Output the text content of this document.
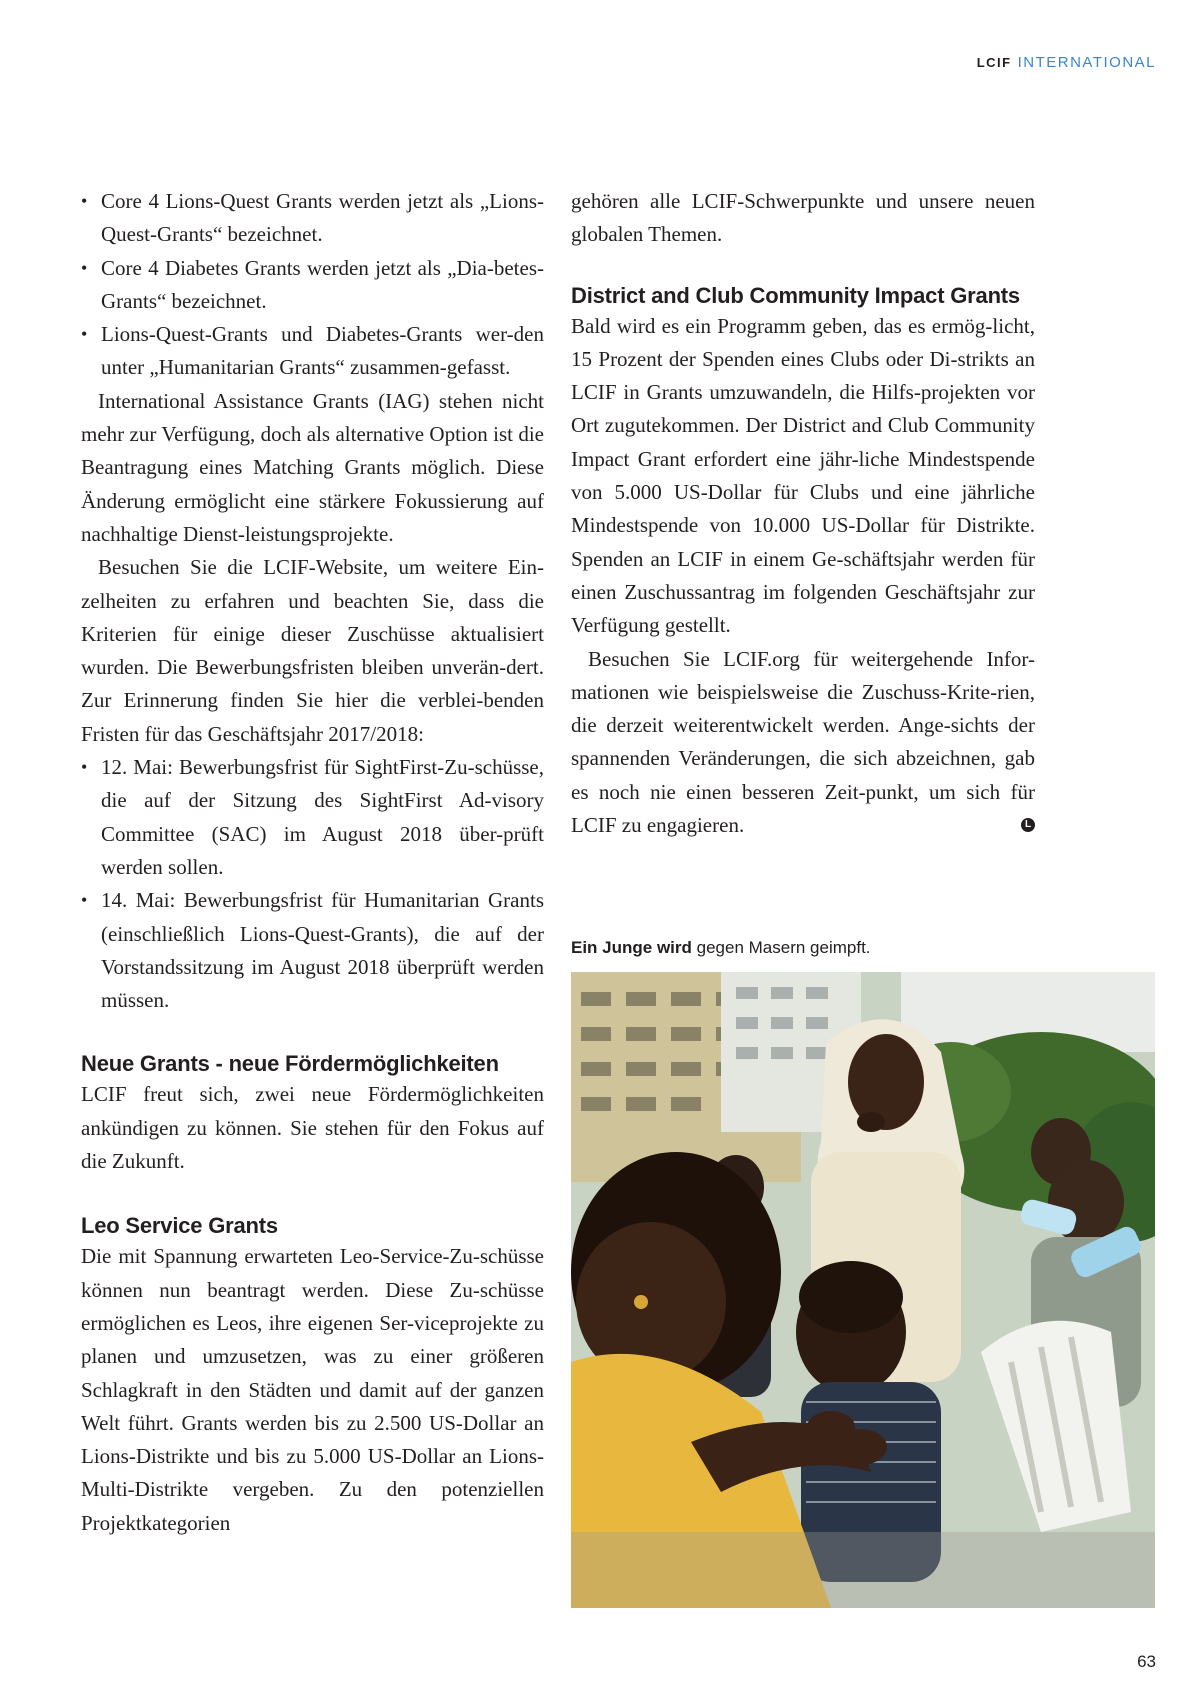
LCIF INTERNATIONAL
• Core 4 Lions-Quest Grants werden jetzt als „Lions-Quest-Grants“ bezeichnet.
• Core 4 Diabetes Grants werden jetzt als „Dia-betes-Grants“ bezeichnet.
• Lions-Quest-Grants und Diabetes-Grants wer-den unter „Humanitarian Grants“ zusammen-gefasst.

International Assistance Grants (IAG) stehen nicht mehr zur Verfügung, doch als alternative Option ist die Beantragung eines Matching Grants möglich. Diese Änderung ermöglicht eine stärkere Fokussierung auf nachhaltige Dienst-leistungsprojekte.

Besuchen Sie die LCIF-Website, um weitere Ein-zelheiten zu erfahren und beachten Sie, dass die Kriterien für einige dieser Zuschüsse aktualisiert wurden. Die Bewerbungsfristen bleiben unverän-dert. Zur Erinnerung finden Sie hier die verblei-benden Fristen für das Geschäftsjahr 2017/2018:

• 12. Mai: Bewerbungsfrist für SightFirst-Zu-schüsse, die auf der Sitzung des SightFirst Ad-visory Committee (SAC) im August 2018 über-prüft werden sollen.
• 14. Mai: Bewerbungsfrist für Humanitarian Grants (einschließlich Lions-Quest-Grants), die auf der Vorstandssitzung im August 2018 überprüft werden müssen.
Neue Grants - neue Fördermöglichkeiten

LCIF freut sich, zwei neue Fördermöglichkeiten ankündigen zu können. Sie stehen für den Fokus auf die Zukunft.

Leo Service Grants

Die mit Spannung erwarteten Leo-Service-Zu-schüsse können nun beantragt werden. Diese Zu-schüsse ermöglichen es Leos, ihre eigenen Ser-viceprojekte zu planen und umzusetzen, was zu einer größeren Schlagkraft in den Städten und damit auf der ganzen Welt führt. Grants werden bis zu 2.500 US-Dollar an Lions-Distrikte und bis zu 5.000 US-Dollar an Lions-Multi-Distrikte vergeben. Zu den potenziellen Projektkategorien

gehören alle LCIF-Schwerpunkte und unsere neuen globalen Themen.

District and Club Community Impact Grants

Bald wird es ein Programm geben, das es ermög-licht, 15 Prozent der Spenden eines Clubs oder Di-strikts an LCIF in Grants umzuwandeln, die Hilfs-projekten vor Ort zugutekommen. Der District and Club Community Impact Grant erfordert eine jähr-liche Mindestspende von 5.000 US-Dollar für Clubs und eine jährliche Mindestspende von 10.000 US-Dollar für Distrikte. Spenden an LCIF in einem Ge-schäftsjahr werden für einen Zuschussantrag im folgenden Geschäftsjahr zur Verfügung gestellt.

Besuchen Sie LCIF.org für weitergehende Infor-mationen wie beispielsweise die Zuschuss-Krite-rien, die derzeit weiterentwickelt werden. Ange-sichts der spannenden Veränderungen, die sich abzeichnen, gab es noch nie einen besseren Zeit-punkt, um sich für LCIF zu engagieren.	L

Ein Junge wird gegen Masern geimpft.
63
